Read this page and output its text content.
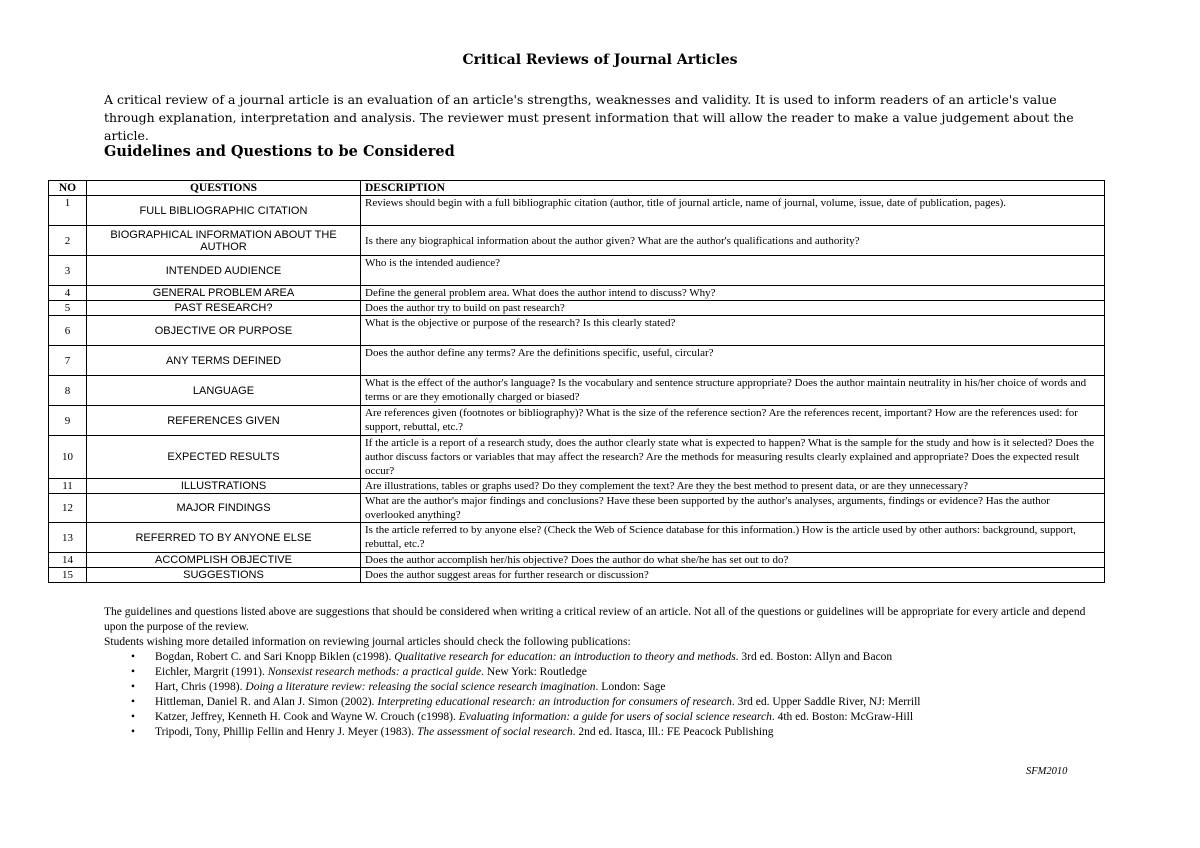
Critical Reviews of Journal Articles
A critical review of a journal article is an evaluation of an article's strengths, weaknesses and validity. It is used to inform readers of an article's value through explanation, interpretation and analysis. The reviewer must present information that will allow the reader to make a value judgement about the article.
Guidelines and Questions to be Considered
NO	QUESTIONS	DESCRIPTION
1	FULL BIBLIOGRAPHIC CITATION	Reviews should begin with a full bibliographic citation (author, title of journal article, name of journal, volume, issue, date of publication, pages).
2	BIOGRAPHICAL INFORMATION ABOUT THE AUTHOR	Is there any biographical information about the author given? What are the author's qualifications and authority?
3	INTENDED AUDIENCE	Who is the intended audience?
4	GENERAL PROBLEM AREA	Define the general problem area. What does the author intend to discuss? Why?
5	PAST RESEARCH?	Does the author try to build on past research?
6	OBJECTIVE OR PURPOSE	What is the objective or purpose of the research? Is this clearly stated?
7	ANY TERMS DEFINED	Does the author define any terms? Are the definitions specific, useful, circular?
8	LANGUAGE	What is the effect of the author's language? Is the vocabulary and sentence structure appropriate? Does the author maintain neutrality in his/her choice of words and terms or are they emotionally charged or biased?
9	REFERENCES GIVEN	Are references given (footnotes or bibliography)? What is the size of the reference section? Are the references recent, important? How are the references used: for support, rebuttal, etc.?
10	EXPECTED RESULTS	If the article is a report of a research study, does the author clearly state what is expected to happen? What is the sample for the study and how is it selected? Does the author discuss factors or variables that may affect the research? Are the methods for measuring results clearly explained and appropriate? Does the expected result occur?
11	ILLUSTRATIONS	Are illustrations, tables or graphs used? Do they complement the text? Are they the best method to present data, or are they unnecessary?
12	MAJOR FINDINGS	What are the author's major findings and conclusions? Have these been supported by the author's analyses, arguments, findings or evidence? Has the author overlooked anything?
13	REFERRED TO BY ANYONE ELSE	Is the article referred to by anyone else? (Check the Web of Science database for this information.) How is the article used by other authors: background, support, rebuttal, etc.?
14	ACCOMPLISH OBJECTIVE	Does the author accomplish her/his objective? Does the author do what she/he has set out to do?
15	SUGGESTIONS	Does the author suggest areas for further research or discussion?

The guidelines and questions listed above are suggestions that should be considered when writing a critical review of an article. Not all of the questions or guidelines will be appropriate for every article and depend upon the purpose of the review.

Students wishing more detailed information on reviewing journal articles should check the following publications:

• Bogdan, Robert C. and Sari Knopp Biklen (c1998). Qualitative research for education: an introduction to theory and methods. 3rd ed. Boston: Allyn and Bacon
• Eichler, Margrit (1991). Nonsexist research methods: a practical guide. New York: Routledge
• Hart, Chris (1998). Doing a literature review: releasing the social science research imagination. London: Sage
• Hittleman, Daniel R. and Alan J. Simon (2002). Interpreting educational research: an introduction for consumers of research. 3rd ed. Upper Saddle River, NJ: Merrill
• Katzer, Jeffrey, Kenneth H. Cook and Wayne W. Crouch (c1998). Evaluating information: a guide for users of social science research. 4th ed. Boston: McGraw-Hill
• Tripodi, Tony, Phillip Fellin and Henry J. Meyer (1983). The assessment of social research. 2nd ed. Itasca, Ill.: FE Peacock Publishing
SFM2010
